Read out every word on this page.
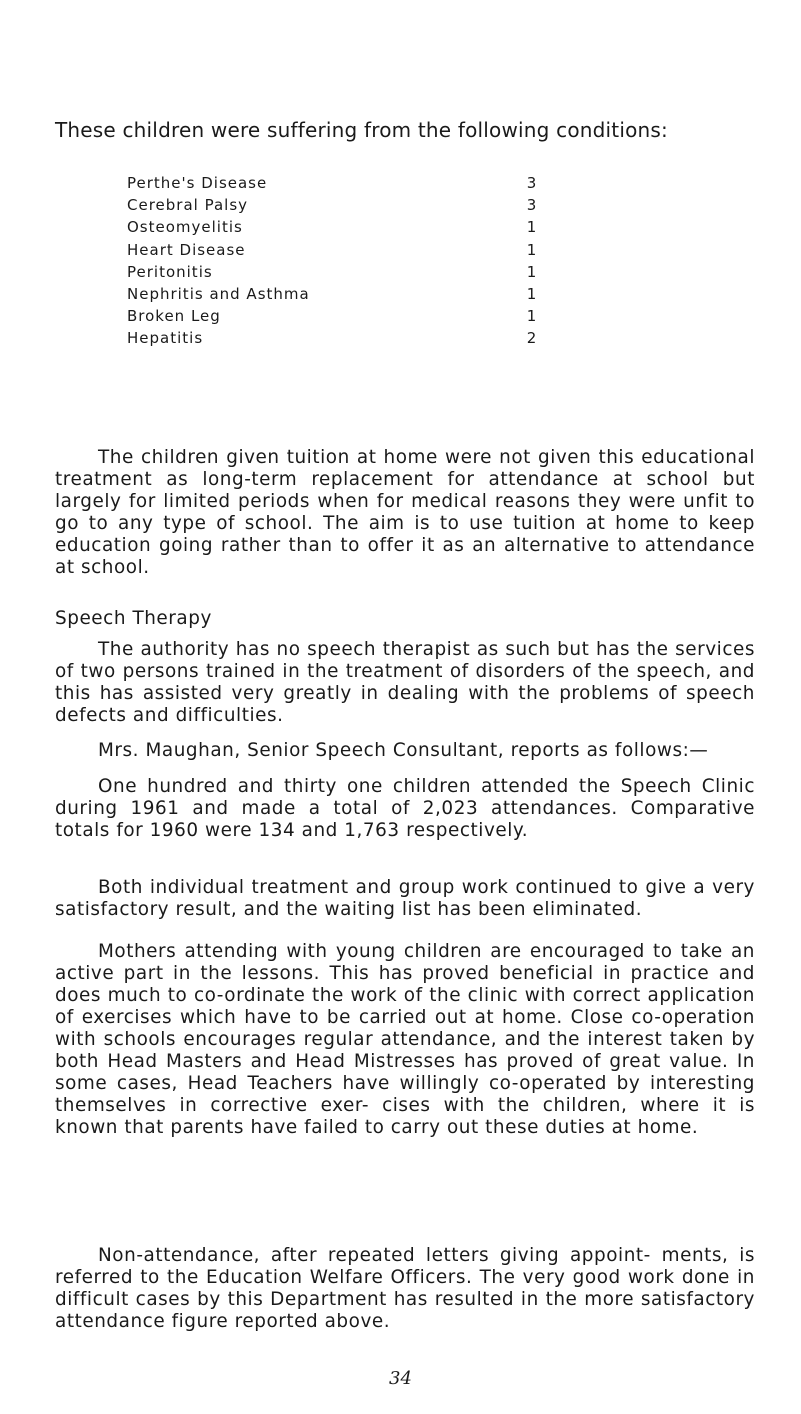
These children were suffering from the following conditions:

Perthe's Disease	3
Cerebral Palsy	3
Osteomyelitis	1
Heart Disease	1
Peritonitis	1
Nephritis and Asthma	1
Broken Leg	1
Hepatitis	2

The children given tuition at home were not given this educational treatment as long-term replacement for attendance at school but largely for limited periods when for medical reasons they were unfit to go to any type of school. The aim is to use tuition at home to keep education going rather than to offer it as an alternative to attendance at school.

Speech Therapy

The authority has no speech therapist as such but has the services of two persons trained in the treatment of disorders of the speech, and this has assisted very greatly in dealing with the problems of speech defects and difficulties.

Mrs. Maughan, Senior Speech Consultant, reports as follows:—

One hundred and thirty one children attended the Speech Clinic during 1961 and made a total of 2,023 attendances. Comparative totals for 1960 were 134 and 1,763 respectively.

Both individual treatment and group work continued to give a very satisfactory result, and the waiting list has been eliminated.

Mothers attending with young children are encouraged to take an active part in the lessons. This has proved beneficial in practice and does much to co-ordinate the work of the clinic with correct application of exercises which have to be carried out at home. Close co-operation with schools encourages regular attendance, and the interest taken by both Head Masters and Head Mistresses has proved of great value. In some cases, Head Teachers have willingly co-operated by interesting themselves in corrective exer- cises with the children, where it is known that parents have failed to carry out these duties at home.

Non-attendance, after repeated letters giving appoint- ments, is referred to the Education Welfare Officers. The very good work done in difficult cases by this Department has resulted in the more satisfactory attendance figure reported above.

34
